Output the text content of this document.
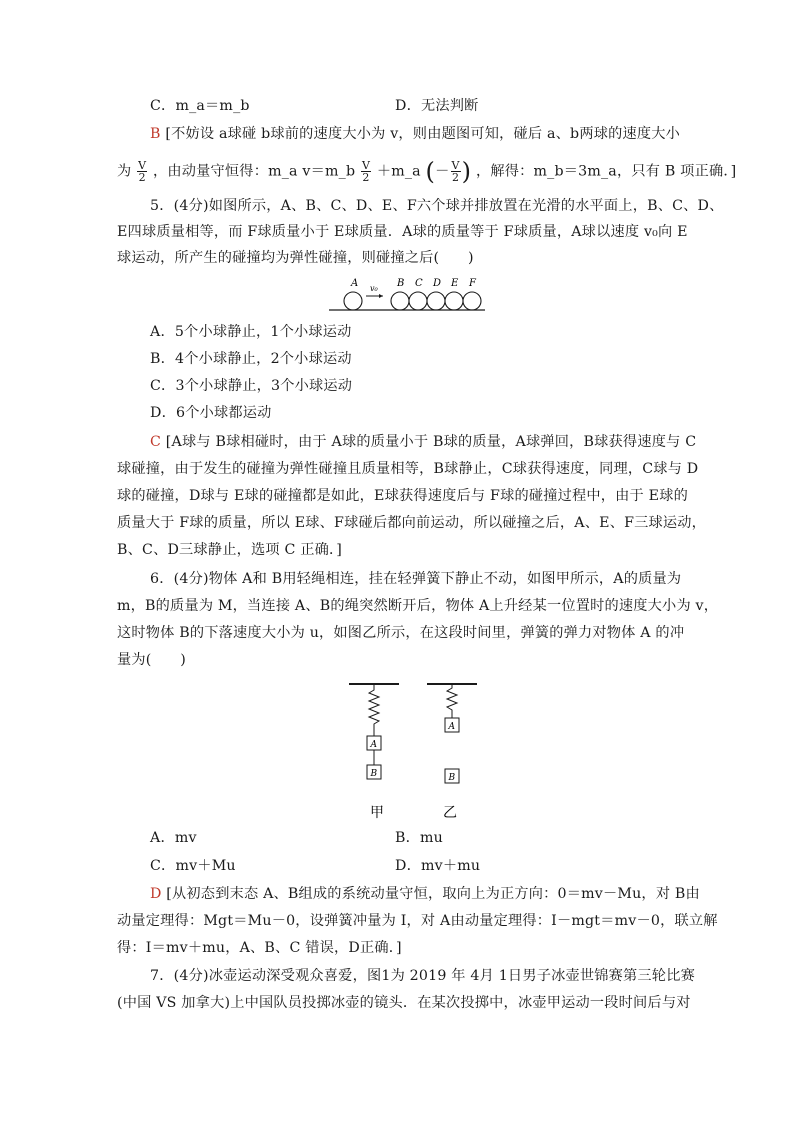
C．m_a＝m_b	D．无法判断
B [不妨设 a球碰 b球前的速度大小为 v，则由题图可知，碰后 a、b两球的速度大小
为 $\frac{V}{2}$ ，由动量守恒得：m_a v＝m_b $\frac{V}{2}$ ＋m_a (－ $\frac{V}{2}$ ) ，解得：m_b＝3m_a，只有 B 项正确．]
5．(4分)如图所示，A、B、C、D、E、F六个球并排放置在光滑的水平面上，B、C、D、
E四球质量相等，而 F球质量小于 E球质量．A球的质量等于 F球质量，A球以速度 v₀向 E
球运动，所产生的碰撞均为弹性碰撞，则碰撞之后(　　)
A v₀ B C D E F
A．5个小球静止，1个小球运动
B．4个小球静止，2个小球运动
C．3个小球静止，3个小球运动
D．6个小球都运动
C [A球与 B球相碰时，由于 A球的质量小于 B球的质量，A球弹回，B球获得速度与 C
球碰撞，由于发生的碰撞为弹性碰撞且质量相等，B球静止，C球获得速度，同理，C球与 D
球的碰撞，D球与 E球的碰撞都是如此，E球获得速度后与 F球的碰撞过程中，由于 E球的
质量大于 F球的质量，所以 E球、F球碰后都向前运动，所以碰撞之后，A、E、F三球运动，
B、C、D三球静止，选项 C 正确．]
6．(4分)物体 A和 B用轻绳相连，挂在轻弹簧下静止不动，如图甲所示，A的质量为
m，B的质量为 M，当连接 A、B的绳突然断开后，物体 A上升经某一位置时的速度大小为 v，
这时物体 B的下落速度大小为 u，如图乙所示，在这段时间里，弹簧的弹力对物体 A 的冲
量为(　　)
A
B
甲
A
B
乙
A．mv	B．mu
C．mv＋Mu	D．mv＋mu
D [从初态到末态 A、B组成的系统动量守恒，取向上为正方向：0＝mv－Mu，对 B由
动量定理得：Mgt＝Mu－0，设弹簧冲量为 I，对 A由动量定理得：I－mgt＝mv－0，联立解
得：I＝mv＋mu，A、B、C 错误，D正确．]
7．(4分)冰壶运动深受观众喜爱，图1为 2019 年 4月 1日男子冰壶世锦赛第三轮比赛
(中国 VS 加拿大)上中国队员投掷冰壶的镜头．在某次投掷中，冰壶甲运动一段时间后与对
